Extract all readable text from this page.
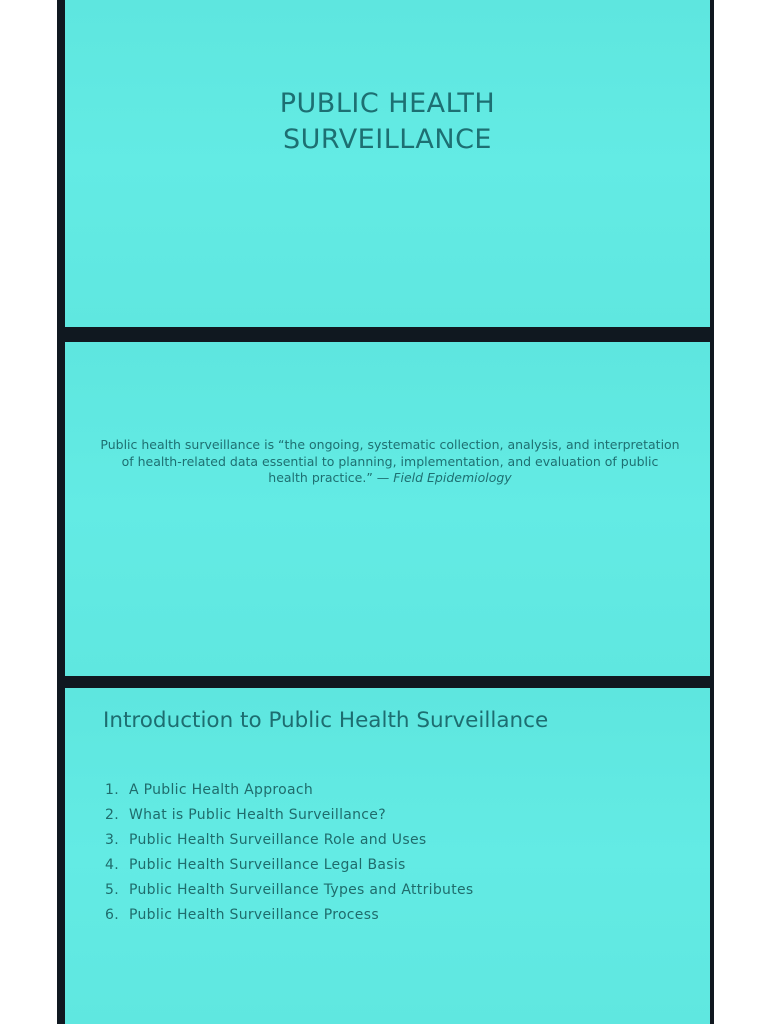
PUBLIC HEALTH
SURVEILLANCE
Public health surveillance is “the ongoing, systematic collection, analysis, and interpretation of health-related data essential to planning, implementation, and evaluation of public health practice.” — Field Epidemiology
Introduction to Public Health Surveillance
1. A Public Health Approach
2. What is Public Health Surveillance?
3. Public Health Surveillance Role and Uses
4. Public Health Surveillance Legal Basis
5. Public Health Surveillance Types and Attributes
6. Public Health Surveillance Process
